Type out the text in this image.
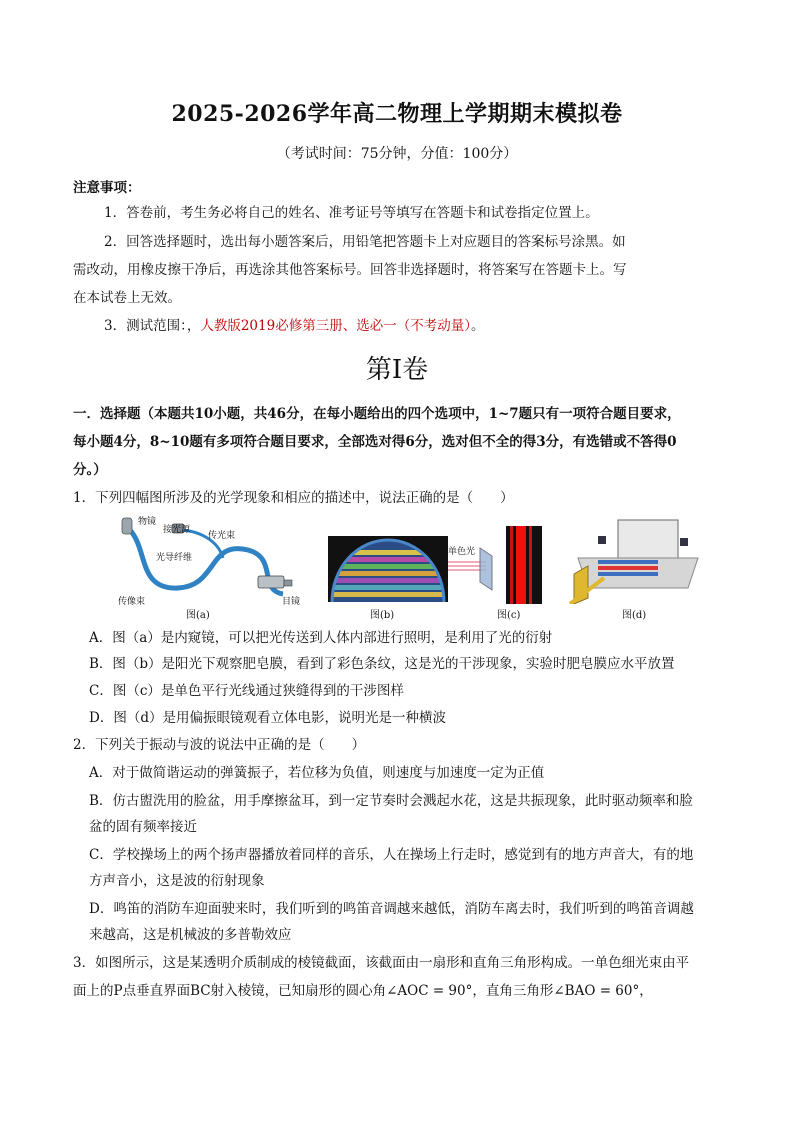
2025-2026学年高二物理上学期期末模拟卷
（考试时间：75分钟，分值：100分）
注意事项：
1．答卷前，考生务必将自己的姓名、准考证号等填写在答题卡和试卷指定位置上。
2．回答选择题时，选出每小题答案后，用铅笔把答题卡上对应题目的答案标号涂黑。如
需改动，用橡皮擦干净后，再选涂其他答案标号。回答非选择题时，将答案写在答题卡上。写
在本试卷上无效。
3．测试范围：，人教版2019必修第三册、选必一（不考动量）。
第Ⅰ卷
一．选择题（本题共10小题，共46分，在每小题给出的四个选项中，1~7题只有一项符合题目要求，
每小题4分，8~10题有多项符合题目要求，全部选对得6分，选对但不全的得3分，有选错或不答得0
分。）
1．下列四幅图所涉及的光学现象和相应的描述中，说法正确的是（　　）
物镜
接光源
传光束
光导纤维
传像束	目镜
图(a)	图(b)
单色光
图(c)	图(d)
A．图（a）是内窥镜，可以把光传送到人体内部进行照明，是利用了光的衍射
B．图（b）是阳光下观察肥皂膜，看到了彩色条纹，这是光的干涉现象，实验时肥皂膜应水平放置
C．图（c）是单色平行光线通过狭缝得到的干涉图样
D．图（d）是用偏振眼镜观看立体电影，说明光是一种横波
2．下列关于振动与波的说法中正确的是（　　）
A．对于做简谐运动的弹簧振子，若位移为负值，则速度与加速度一定为正值
B．仿古盥洗用的脸盆，用手摩擦盆耳，到一定节奏时会溅起水花，这是共振现象，此时驱动频率和脸
盆的固有频率接近
C．学校操场上的两个扬声器播放着同样的音乐，人在操场上行走时，感觉到有的地方声音大，有的地
方声音小，这是波的衍射现象
D．鸣笛的消防车迎面驶来时，我们听到的鸣笛音调越来越低，消防车离去时，我们听到的鸣笛音调越
来越高，这是机械波的多普勒效应
3．如图所示，这是某透明介质制成的棱镜截面，该截面由一扇形和直角三角形构成。一单色细光束由平
面上的P点垂直界面BC射入棱镜，已知扇形的圆心角∠AOC = 90°，直角三角形∠BAO = 60°，
